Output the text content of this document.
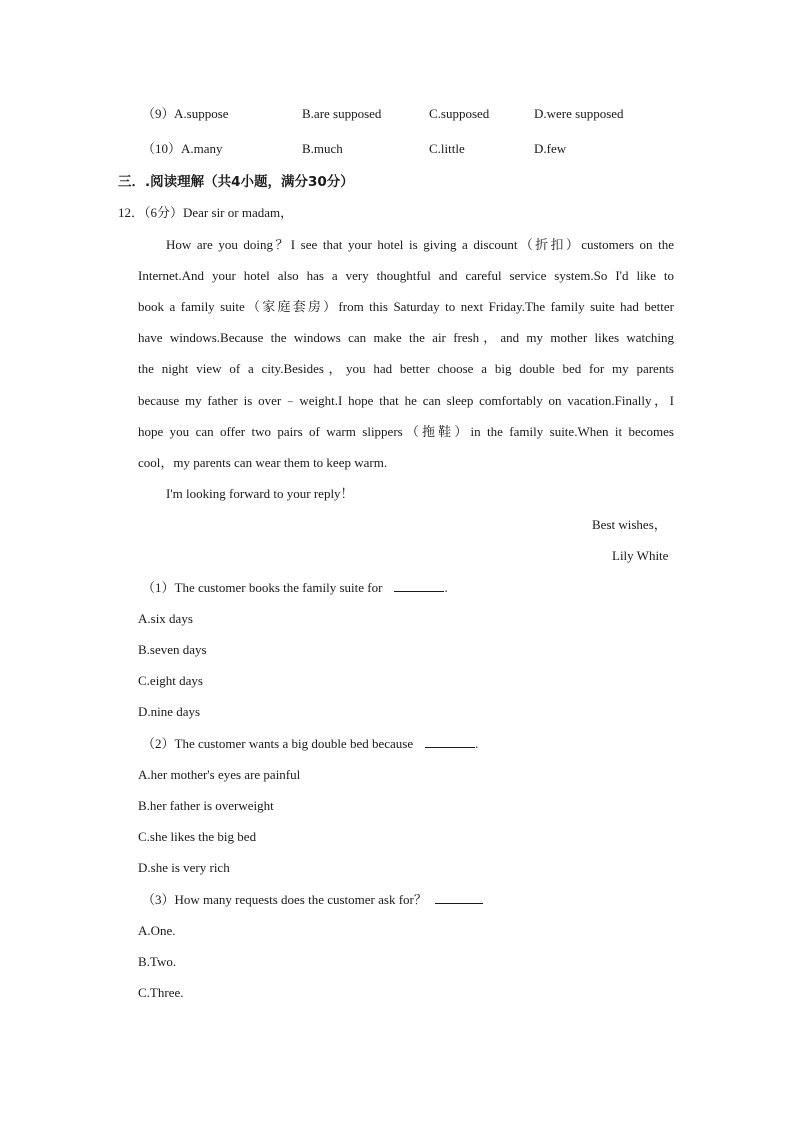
（9） A.suppose	B.are supposed	C.supposed	D.were supposed
（10） A.many	B.much	C.little	D.few
三．.阅读理解（共4小题，满分30分）
12．（6分）Dear sir or madam，
How are you doing？I see that your hotel is giving a discount（折扣）customers on the
Internet.And your hotel also has a very thoughtful and careful service system.So I'd like to
book a family suite（家庭套房）from this Saturday to next Friday.The family suite had better
have windows.Because the windows can make the air fresh，and my mother likes watching
the night view of a city.Besides，you had better choose a big double bed for my parents
because my father is over﹣weight.I hope that he can sleep comfortably on vacation.Finally，I
hope you can offer two pairs of warm slippers（拖鞋）in the family suite.When it becomes
cool，my parents can wear them to keep warm.
I'm looking forward to your reply！
Best wishes，
Lily White
（1）The customer books the family suite for	.
A.six days
B.seven days
C.eight days
D.nine days
（2）The customer wants a big double bed because	.
A.her mother's eyes are painful
B.her father is overweight
C.she likes the big bed
D.she is very rich
（3）How many requests does the customer ask for？
A.One.
B.Two.
C.Three.
